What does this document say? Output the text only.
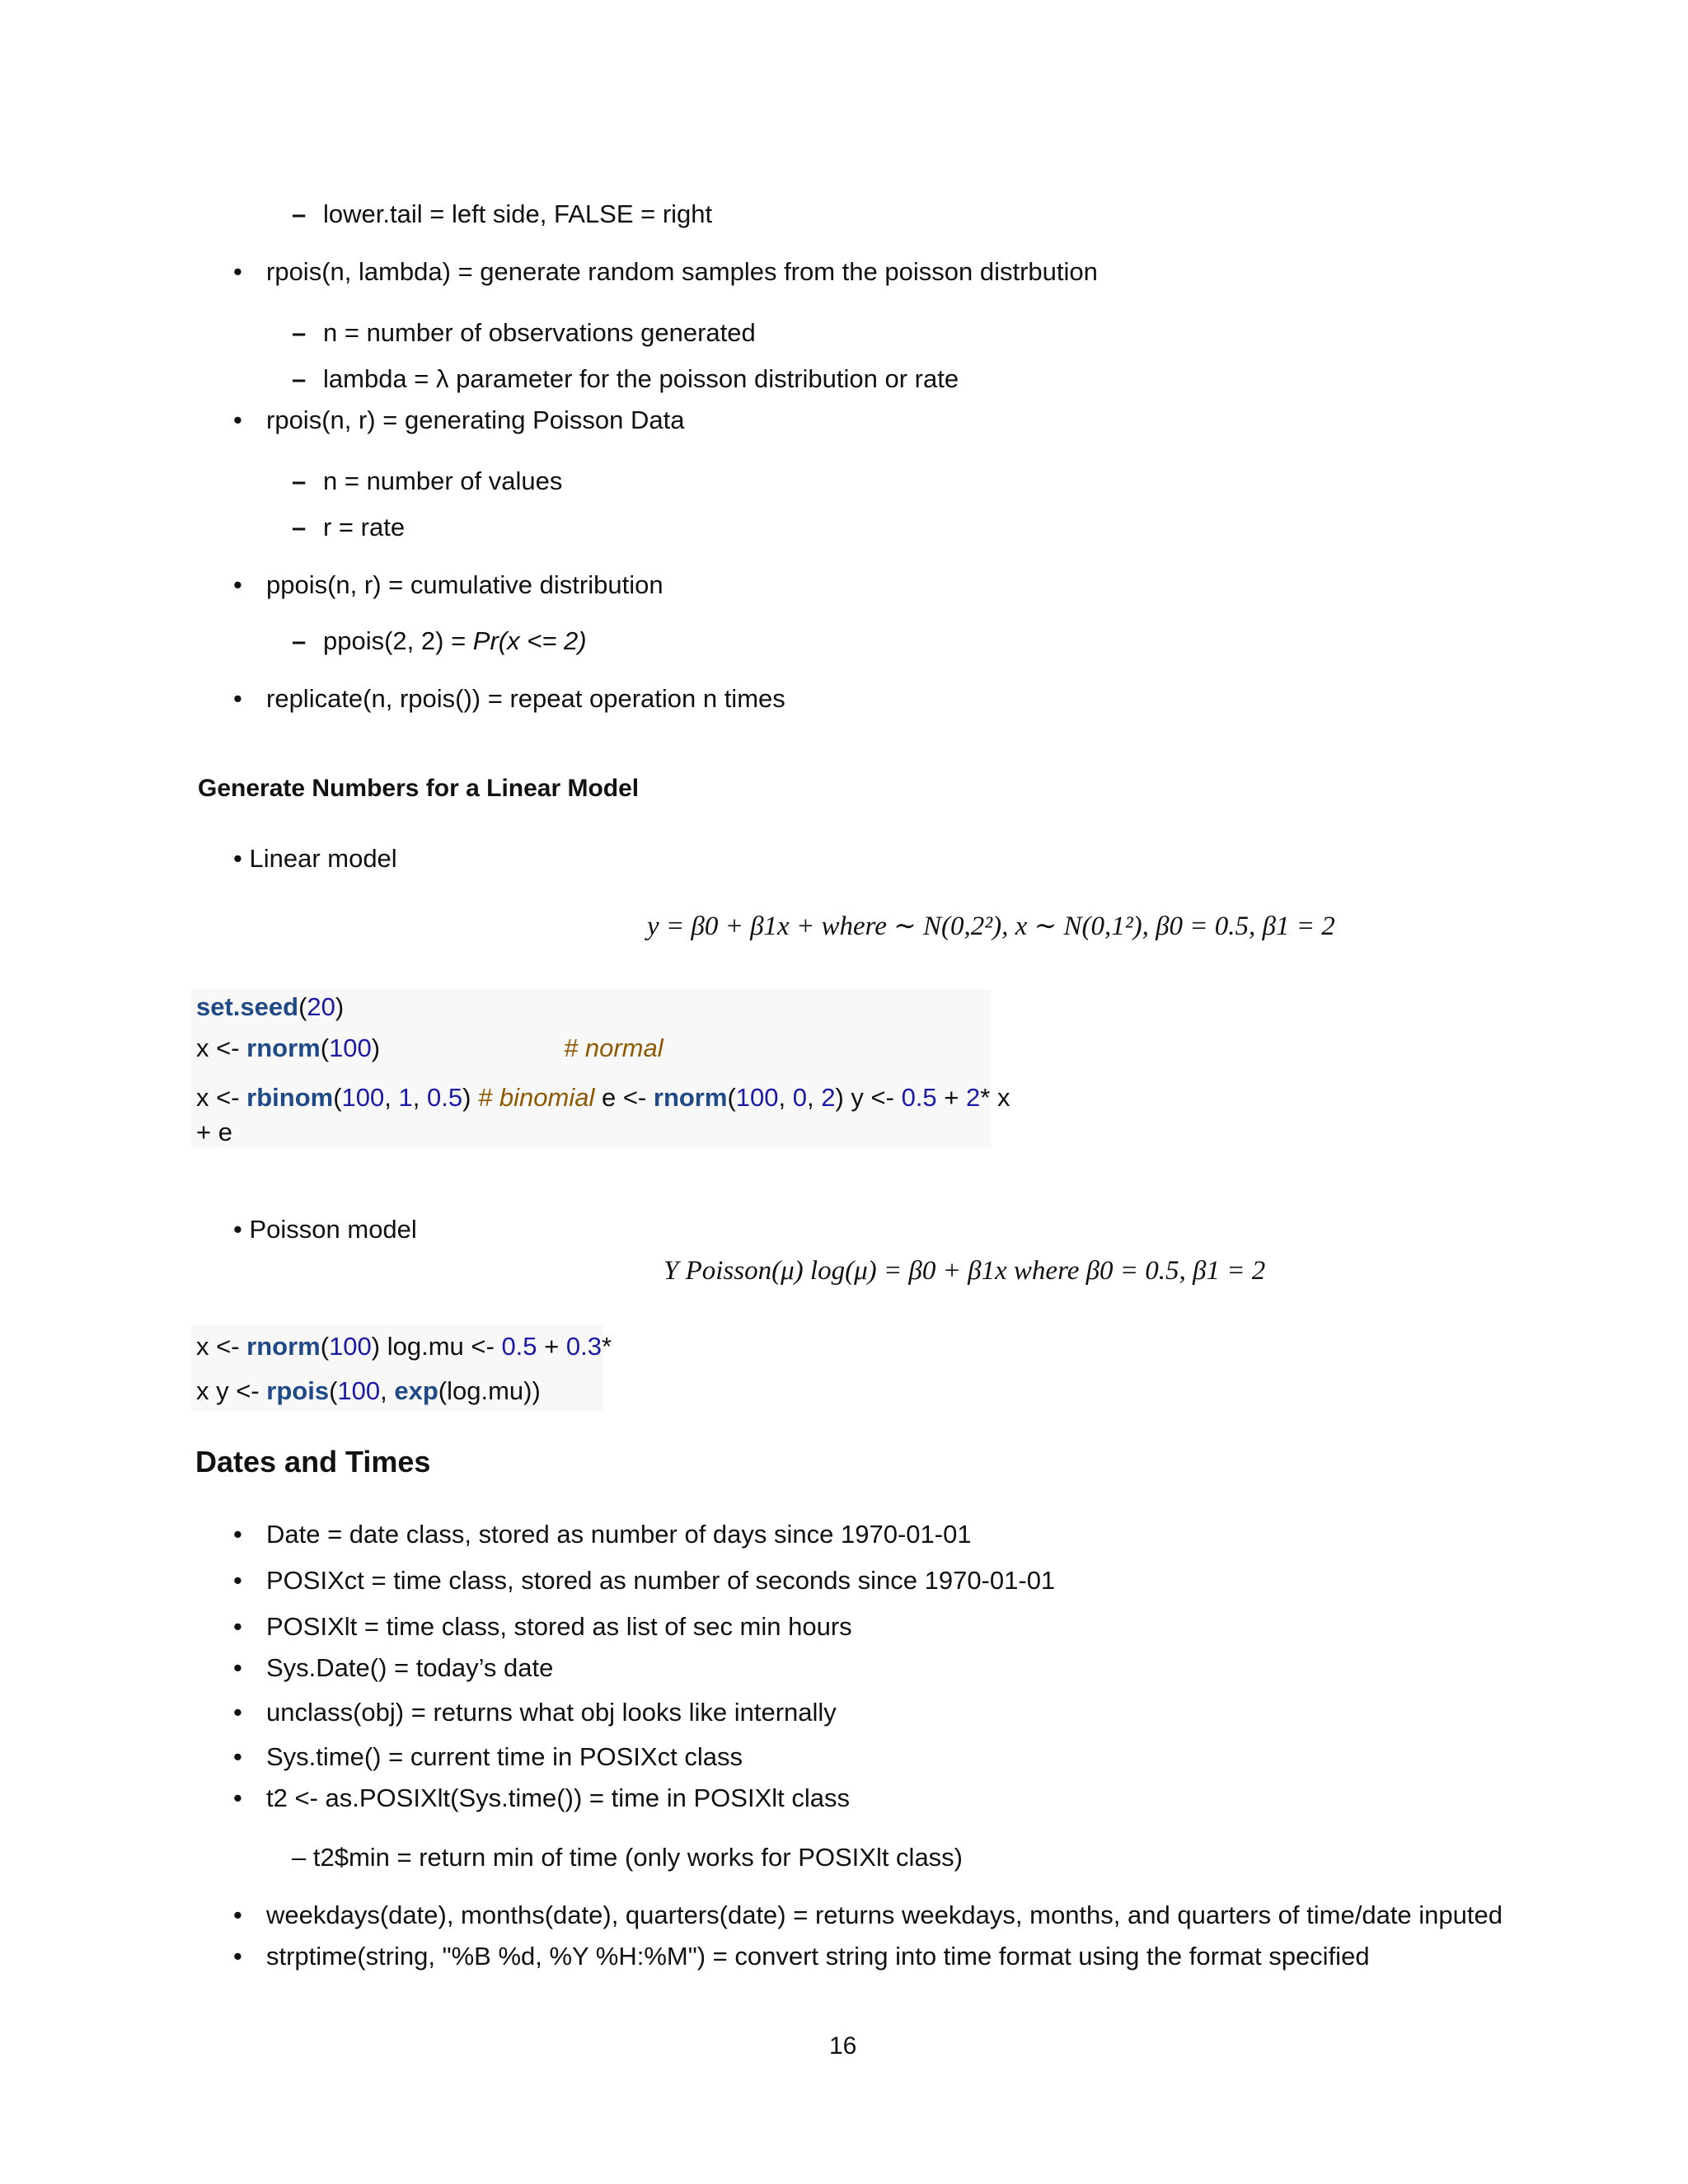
– lower.tail = left side, FALSE = right
• rpois(n, lambda) = generate random samples from the poisson distrbution
– n = number of observations generated
– lambda = λ parameter for the poisson distribution or rate
• rpois(n, r) = generating Poisson Data
– n = number of values
– r = rate
• ppois(n, r) = cumulative distribution
– ppois(2, 2) = Pr(x <= 2)
• replicate(n, rpois()) = repeat operation n times
Generate Numbers for a Linear Model
• Linear model
y = β0 + β1x + where ∼ N(0,2²), x ∼ N(0,1²), β0 = 0.5, β1 = 2
set.seed(20)
x <- rnorm(100)	# normal
x <- rbinom(100, 1, 0.5) # binomial e <- rnorm(100, 0, 2) y <- 0.5 + 2* x
+ e
• Poisson model
Y Poisson(μ) log(μ) = β0 + β1x where β0 = 0.5, β1 = 2
x <- rnorm(100) log.mu <- 0.5 + 0.3*
x y <- rpois(100, exp(log.mu))
Dates and Times
• Date = date class, stored as number of days since 1970-01-01
• POSIXct = time class, stored as number of seconds since 1970-01-01
• POSIXlt = time class, stored as list of sec min hours
• Sys.Date() = today’s date
• unclass(obj) = returns what obj looks like internally
• Sys.time() = current time in POSIXct class
• t2 <- as.POSIXlt(Sys.time()) = time in POSIXlt class
– t2$min = return min of time (only works for POSIXlt class)
• weekdays(date), months(date), quarters(date) = returns weekdays, months, and quarters of time/date inputed
• strptime(string, "%B %d, %Y %H:%M") = convert string into time format using the format specified
16
